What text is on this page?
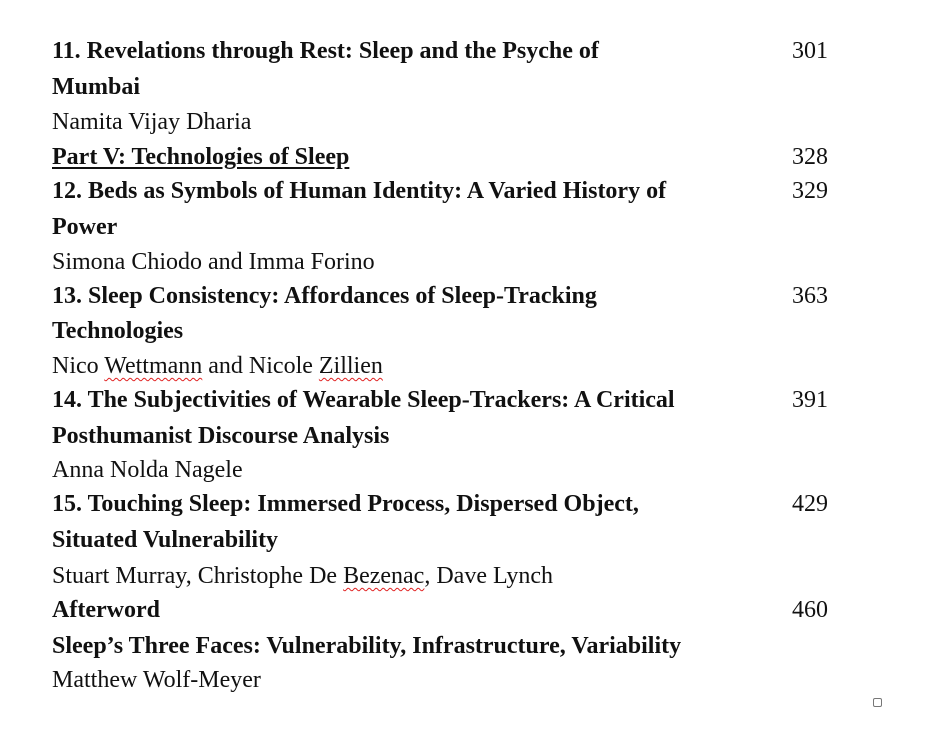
11. Revelations through Rest: Sleep and the Psyche of	301
Mumbai
Namita Vijay Dharia
Part V: Technologies of Sleep	328
12. Beds as Symbols of Human Identity: A Varied History of	329
Power
Simona Chiodo and Imma Forino
13. Sleep Consistency: Affordances of Sleep-Tracking	363
Technologies
Nico Wettmann and Nicole Zillien
14. The Subjectivities of Wearable Sleep-Trackers: A Critical	391
Posthumanist Discourse Analysis
Anna Nolda Nagele
15. Touching Sleep: Immersed Process, Dispersed Object,	429
Situated Vulnerability
Stuart Murray, Christophe De Bezenac, Dave Lynch
Afterword	460
Sleep’s Three Faces: Vulnerability, Infrastructure, Variability
Matthew Wolf-Meyer
